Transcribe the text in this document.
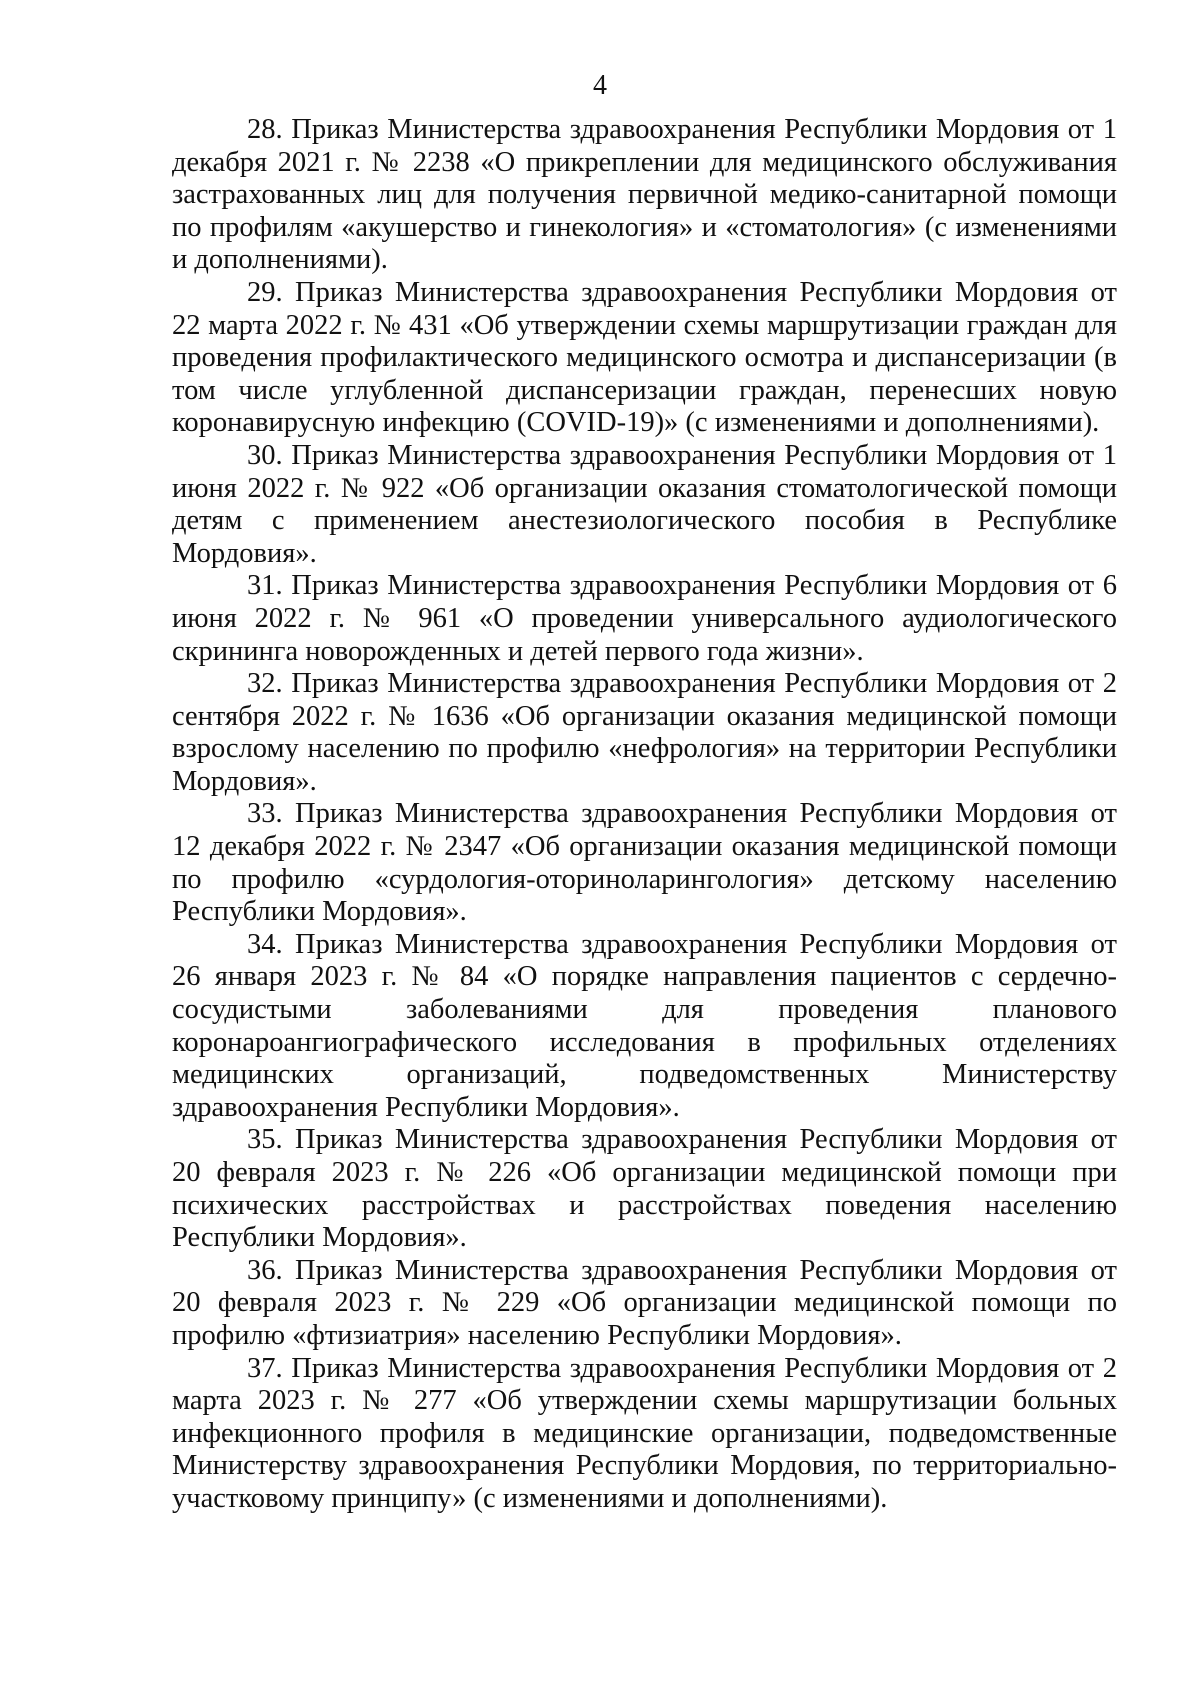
4

28. Приказ Министерства здравоохранения Республики Мордовия от 1 декабря 2021 г. № 2238 «О прикреплении для медицинского обслуживания застрахованных лиц для получения первичной медико-санитарной помощи по профилям «акушерство и гинекология» и «стоматология» (с изменениями и дополнениями).

29. Приказ Министерства здравоохранения Республики Мордовия от 22 марта 2022 г. № 431 «Об утверждении схемы маршрутизации граждан для проведения профилактического медицинского осмотра и диспансеризации (в том числе углубленной диспансеризации граждан, перенесших новую коронавирусную инфекцию (COVID-19)» (с изменениями и дополнениями).

30. Приказ Министерства здравоохранения Республики Мордовия от 1 июня 2022 г. № 922 «Об организации оказания стоматологической помощи детям с применением анестезиологического пособия в Республике Мордовия».

31. Приказ Министерства здравоохранения Республики Мордовия от 6 июня 2022 г. № 961 «О проведении универсального аудиологического скрининга новорожденных и детей первого года жизни».

32. Приказ Министерства здравоохранения Республики Мордовия от 2 сентября 2022 г. № 1636 «Об организации оказания медицинской помощи взрослому населению по профилю «нефрология» на территории Республики Мордовия».

33. Приказ Министерства здравоохранения Республики Мордовия от 12 декабря 2022 г. № 2347 «Об организации оказания медицинской помощи по профилю «сурдология-оториноларингология» детскому населению Республики Мордовия».

34. Приказ Министерства здравоохранения Республики Мордовия от 26 января 2023 г. № 84 «О порядке направления пациентов с сердечно-сосудистыми заболеваниями для проведения планового коронароангиографического исследования в профильных отделениях медицинских организаций, подведомственных Министерству здравоохранения Республики Мордовия».

35. Приказ Министерства здравоохранения Республики Мордовия от 20 февраля 2023 г. № 226 «Об организации медицинской помощи при психических расстройствах и расстройствах поведения населению Республики Мордовия».

36. Приказ Министерства здравоохранения Республики Мордовия от 20 февраля 2023 г. № 229 «Об организации медицинской помощи по профилю «фтизиатрия» населению Республики Мордовия».

37. Приказ Министерства здравоохранения Республики Мордовия от 2 марта 2023 г. № 277 «Об утверждении схемы маршрутизации больных инфекционного профиля в медицинские организации, подведомственные Министерству здравоохранения Республики Мордовия, по территориально-участковому принципу» (с изменениями и дополнениями).
